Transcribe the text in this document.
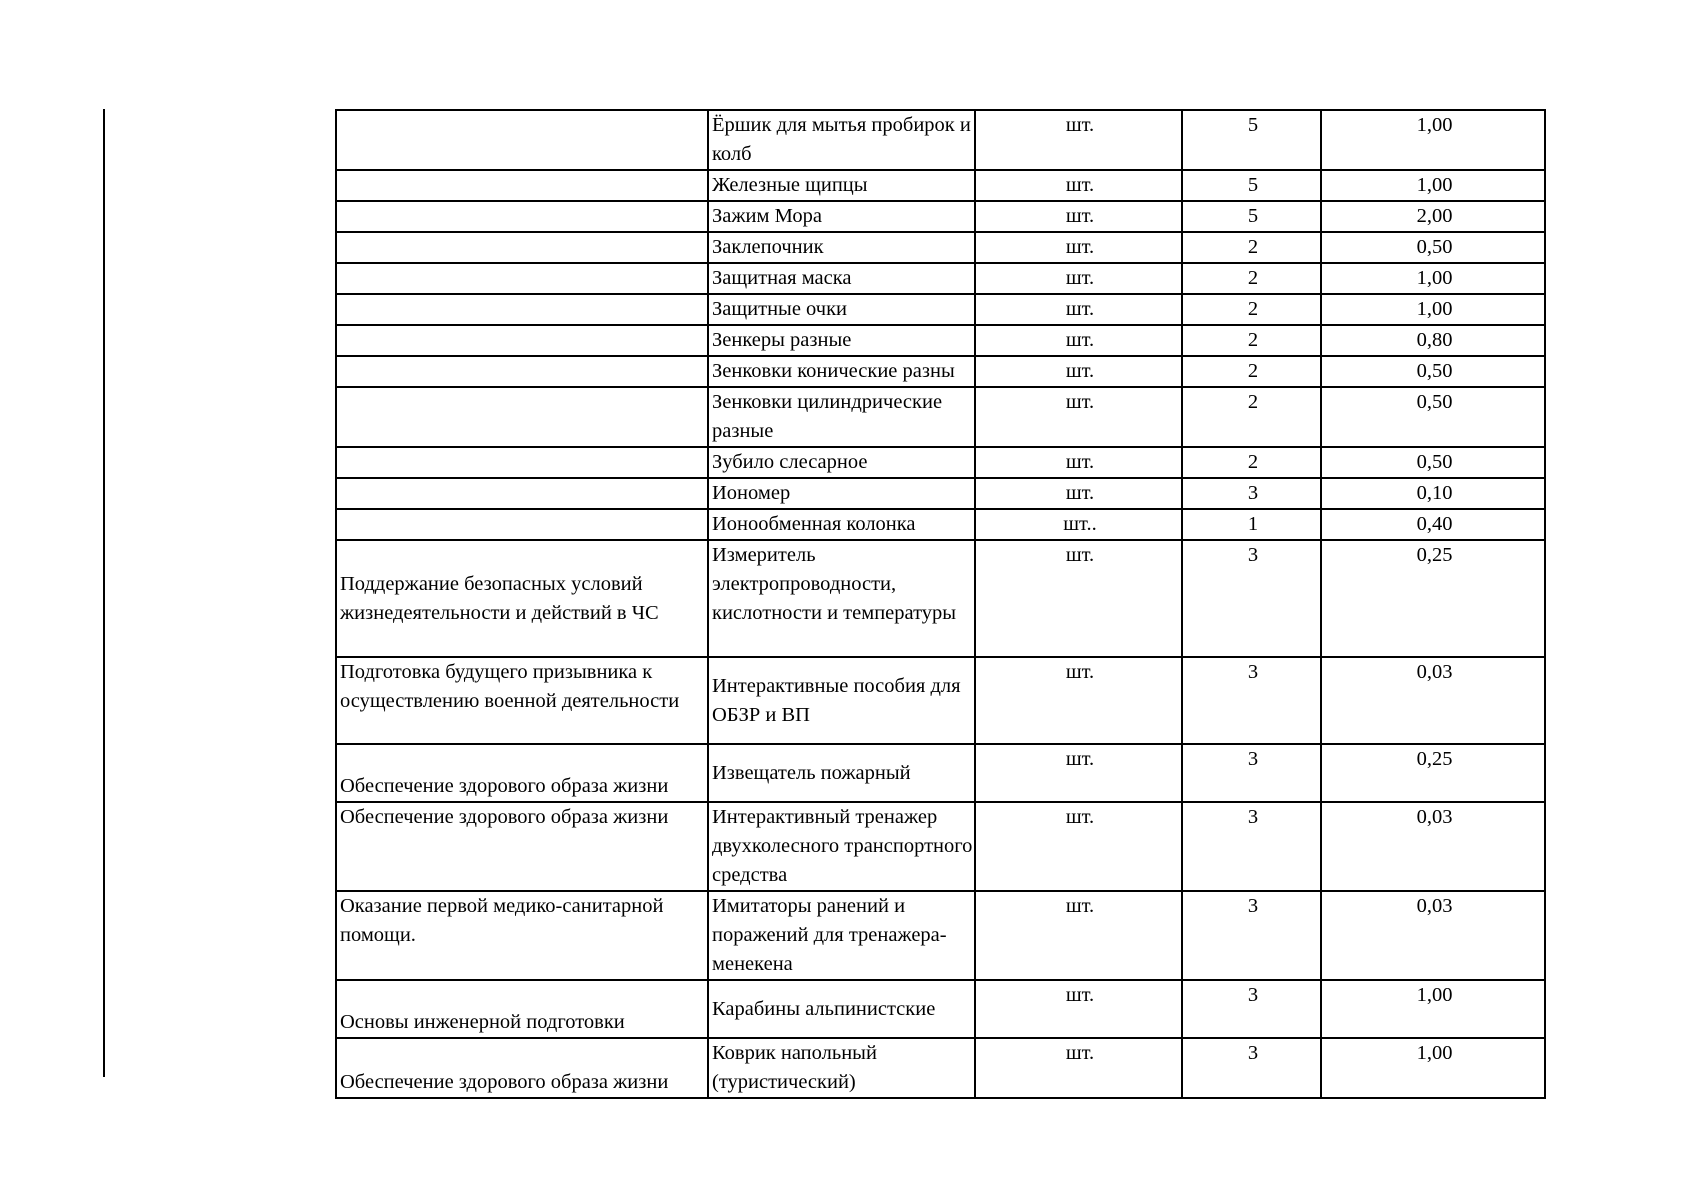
	Ёршик для мытья пробирок и колб	шт.	5	1,00
	Железные щипцы	шт.	5	1,00
	Зажим Мора	шт.	5	2,00
	Заклепочник	шт.	2	0,50
	Защитная маска	шт.	2	1,00
	Защитные очки	шт.	2	1,00
	Зенкеры разные	шт.	2	0,80
	Зенковки конические разны	шт.	2	0,50
	Зенковки цилиндрические разные	шт.	2	0,50
	Зубило слесарное	шт.	2	0,50
	Иономер	шт.	3	0,10
	Ионообменная колонка	шт..	1	0,40
Поддержание безопасных условий жизнедеятельности и действий в ЧС	Измеритель электропроводности, кислотности и температуры	шт.	3	0,25
Подготовка будущего призывника к осуществлению военной деятельности	Интерактивные пособия для ОБЗР и ВП	шт.	3	0,03
Обеспечение здорового образа жизни	Извещатель пожарный	шт.	3	0,25
Обеспечение здорового образа жизни	Интерактивный тренажер двухколесного транспортного средства	шт.	3	0,03
Оказание первой медико-санитарной помощи.	Имитаторы ранений и поражений для тренажера-менекена	шт.	3	0,03
Основы инженерной подготовки	Карабины альпинистские	шт.	3	1,00
Обеспечение здорового образа жизни	Коврик напольный (туристический)	шт.	3	1,00
